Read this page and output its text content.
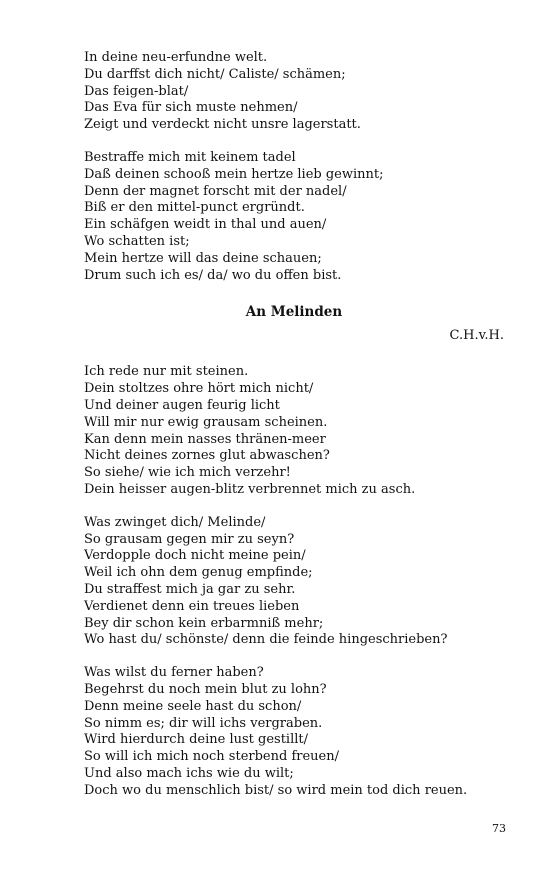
In deine neu-erfundne welt.
Du darffst dich nicht/ Caliste/ schämen;
Das feigen-blat/
Das Eva für sich muste nehmen/
Zeigt und verdeckt nicht unsre lagerstatt.
Bestraffe mich mit keinem tadel
Daß deinen schooß mein hertze lieb gewinnt;
Denn der magnet forscht mit der nadel/
Biß er den mittel-punct ergründt.
Ein schäfgen weidt in thal und auen/
Wo schatten ist;
Mein hertze will das deine schauen;
Drum such ich es/ da/ wo du offen bist.
An Melinden
C.H.v.H.
Ich rede nur mit steinen.
Dein stoltzes ohre hört mich nicht/
Und deiner augen feurig licht
Will mir nur ewig grausam scheinen.
Kan denn mein nasses thränen-meer
Nicht deines zornes glut abwaschen?
So siehe/ wie ich mich verzehr!
Dein heisser augen-blitz verbrennet mich zu asch.
Was zwinget dich/ Melinde/
So grausam gegen mir zu seyn?
Verdopple doch nicht meine pein/
Weil ich ohn dem genug empfinde;
Du straffest mich ja gar zu sehr.
Verdienet denn ein treues lieben
Bey dir schon kein erbarmniß mehr;
Wo hast du/ schönste/ denn die feinde hingeschrieben?
Was wilst du ferner haben?
Begehrst du noch mein blut zu lohn?
Denn meine seele hast du schon/
So nimm es; dir will ichs vergraben.
Wird hierdurch deine lust gestillt/
So will ich mich noch sterbend freuen/
Und also mach ichs wie du wilt;
Doch wo du menschlich bist/ so wird mein tod dich reuen.
73
